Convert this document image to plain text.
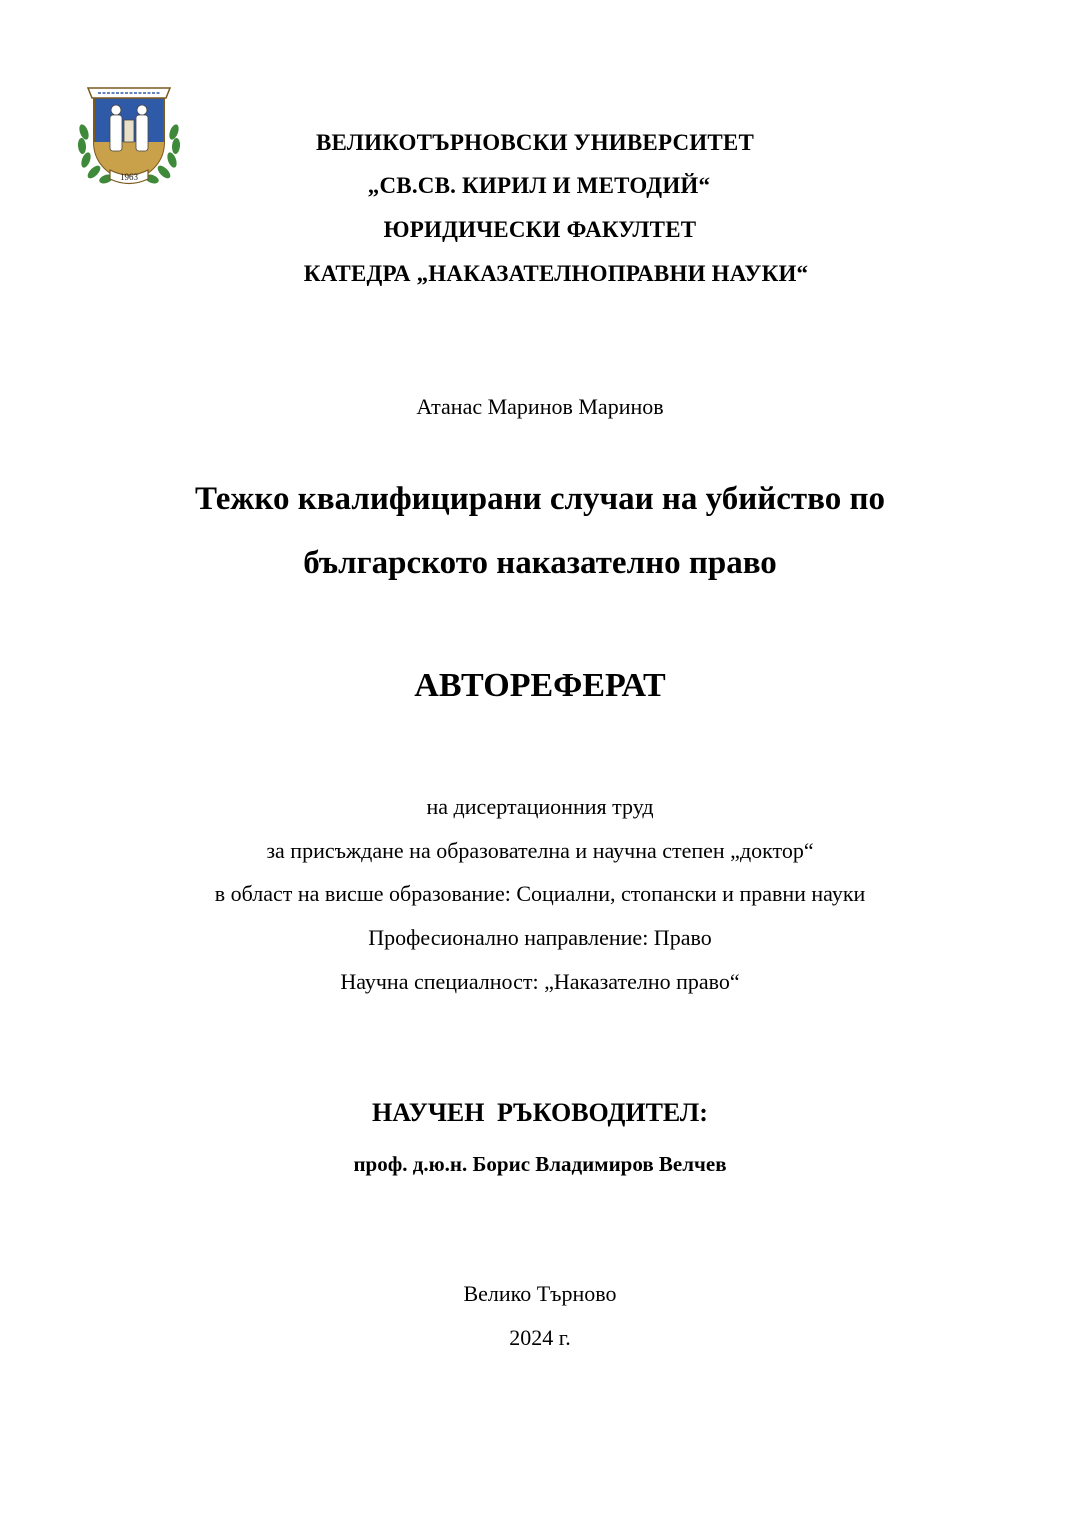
1963
ВЕЛИКОТЪРНОВСКИ УНИВЕРСИТЕТ
„СВ.СВ. КИРИЛ И МЕТОДИЙ“
ЮРИДИЧЕСКИ ФАКУЛТЕТ
КАТЕДРА „НАКАЗАТЕЛНОПРАВНИ НАУКИ“
Атанас Маринов Маринов
Тежко квалифицирани случаи на убийство по
българското наказателно право
АВТОРЕФЕРАТ
на дисертационния труд
за присъждане на образователна и научна степен „доктор“
в област на висше образование: Социални, стопански и правни науки
Професионално направление: Право
Научна специалност: „Наказателно право“
НАУЧЕН РЪКОВОДИТЕЛ:
проф. д.ю.н. Борис Владимиров Велчев
Велико Търново
2024 г.
